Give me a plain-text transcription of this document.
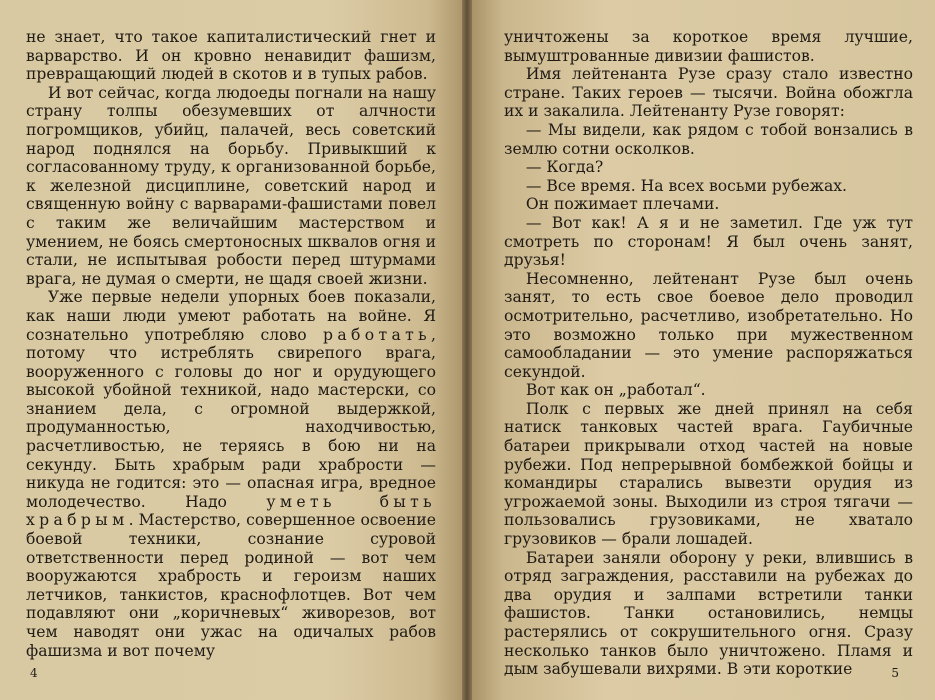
не знает, что такое капиталистический гнет и варварство. И он кровно ненавидит фашизм, превращающий людей в скотов и в тупых рабов.

И вот сейчас, когда людоеды погнали на нашу страну толпы обезумевших от алчности погромщиков, убийц, палачей, весь советский народ поднялся на борьбу. Привыкший к согласованному труду, к организованной борьбе, к железной дисциплине, советский народ и священную войну с варварами-фашистами повел с таким же величайшим мастерством и умением, не боясь смертоносных шквалов огня и стали, не испытывая робости перед штурмами врага, не думая о смерти, не щадя своей жизни.

Уже первые недели упорных боев показали, как наши люди умеют работать на войне. Я сознательно употребляю слово работать, потому что истреблять свирепого врага, вооруженного с головы до ног и орудующего высокой убойной техникой, надо мастерски, со знанием дела, с огромной выдержкой, продуманностью, находчивостью, расчетливостью, не теряясь в бою ни на секунду. Быть храбрым ради храбрости — никуда не годится: это — опасная игра, вредное молодечество. Надо уметь быть храбрым. Мастерство, совершенное освоение боевой техники, сознание суровой ответственности перед родиной — вот чем вооружаются храбрость и героизм наших летчиков, танкистов, краснофлотцев. Вот чем подавляют они „коричневых“ живорезов, вот чем наводят они ужас на одичалых рабов фашизма и вот почему

4

уничтожены за короткое время лучшие, вымуштрованные дивизии фашистов.

Имя лейтенанта Рузе сразу стало известно стране. Таких героев — тысячи. Война обожгла их и закалила. Лейтенанту Рузе говорят:

— Мы видели, как рядом с тобой вонзались в землю сотни осколков.

— Когда?

— Все время. На всех восьми рубежах.

Он пожимает плечами.

— Вот как! А я и не заметил. Где уж тут смотреть по сторонам! Я был очень занят, друзья!

Несомненно, лейтенант Рузе был очень занят, то есть свое боевое дело проводил осмотрительно, расчетливо, изобретательно. Но это возможно только при мужественном самообладании — это умение распоряжаться секундой.

Вот как он „работал“.

Полк с первых же дней принял на себя натиск танковых частей врага. Гаубичные батареи прикрывали отход частей на новые рубежи. Под непрерывной бомбежкой бойцы и командиры старались вывезти орудия из угрожаемой зоны. Выходили из строя тягачи — пользовались грузовиками, не хватало грузовиков — брали лошадей.

Батареи заняли оборону у реки, влившись в отряд заграждения, расставили на рубежах до два орудия и залпами встретили танки фашистов. Танки остановились, немцы растерялись от сокрушительного огня. Сразу несколько танков было уничтожено. Пламя и дым забушевали вихрями. В эти короткие	5
